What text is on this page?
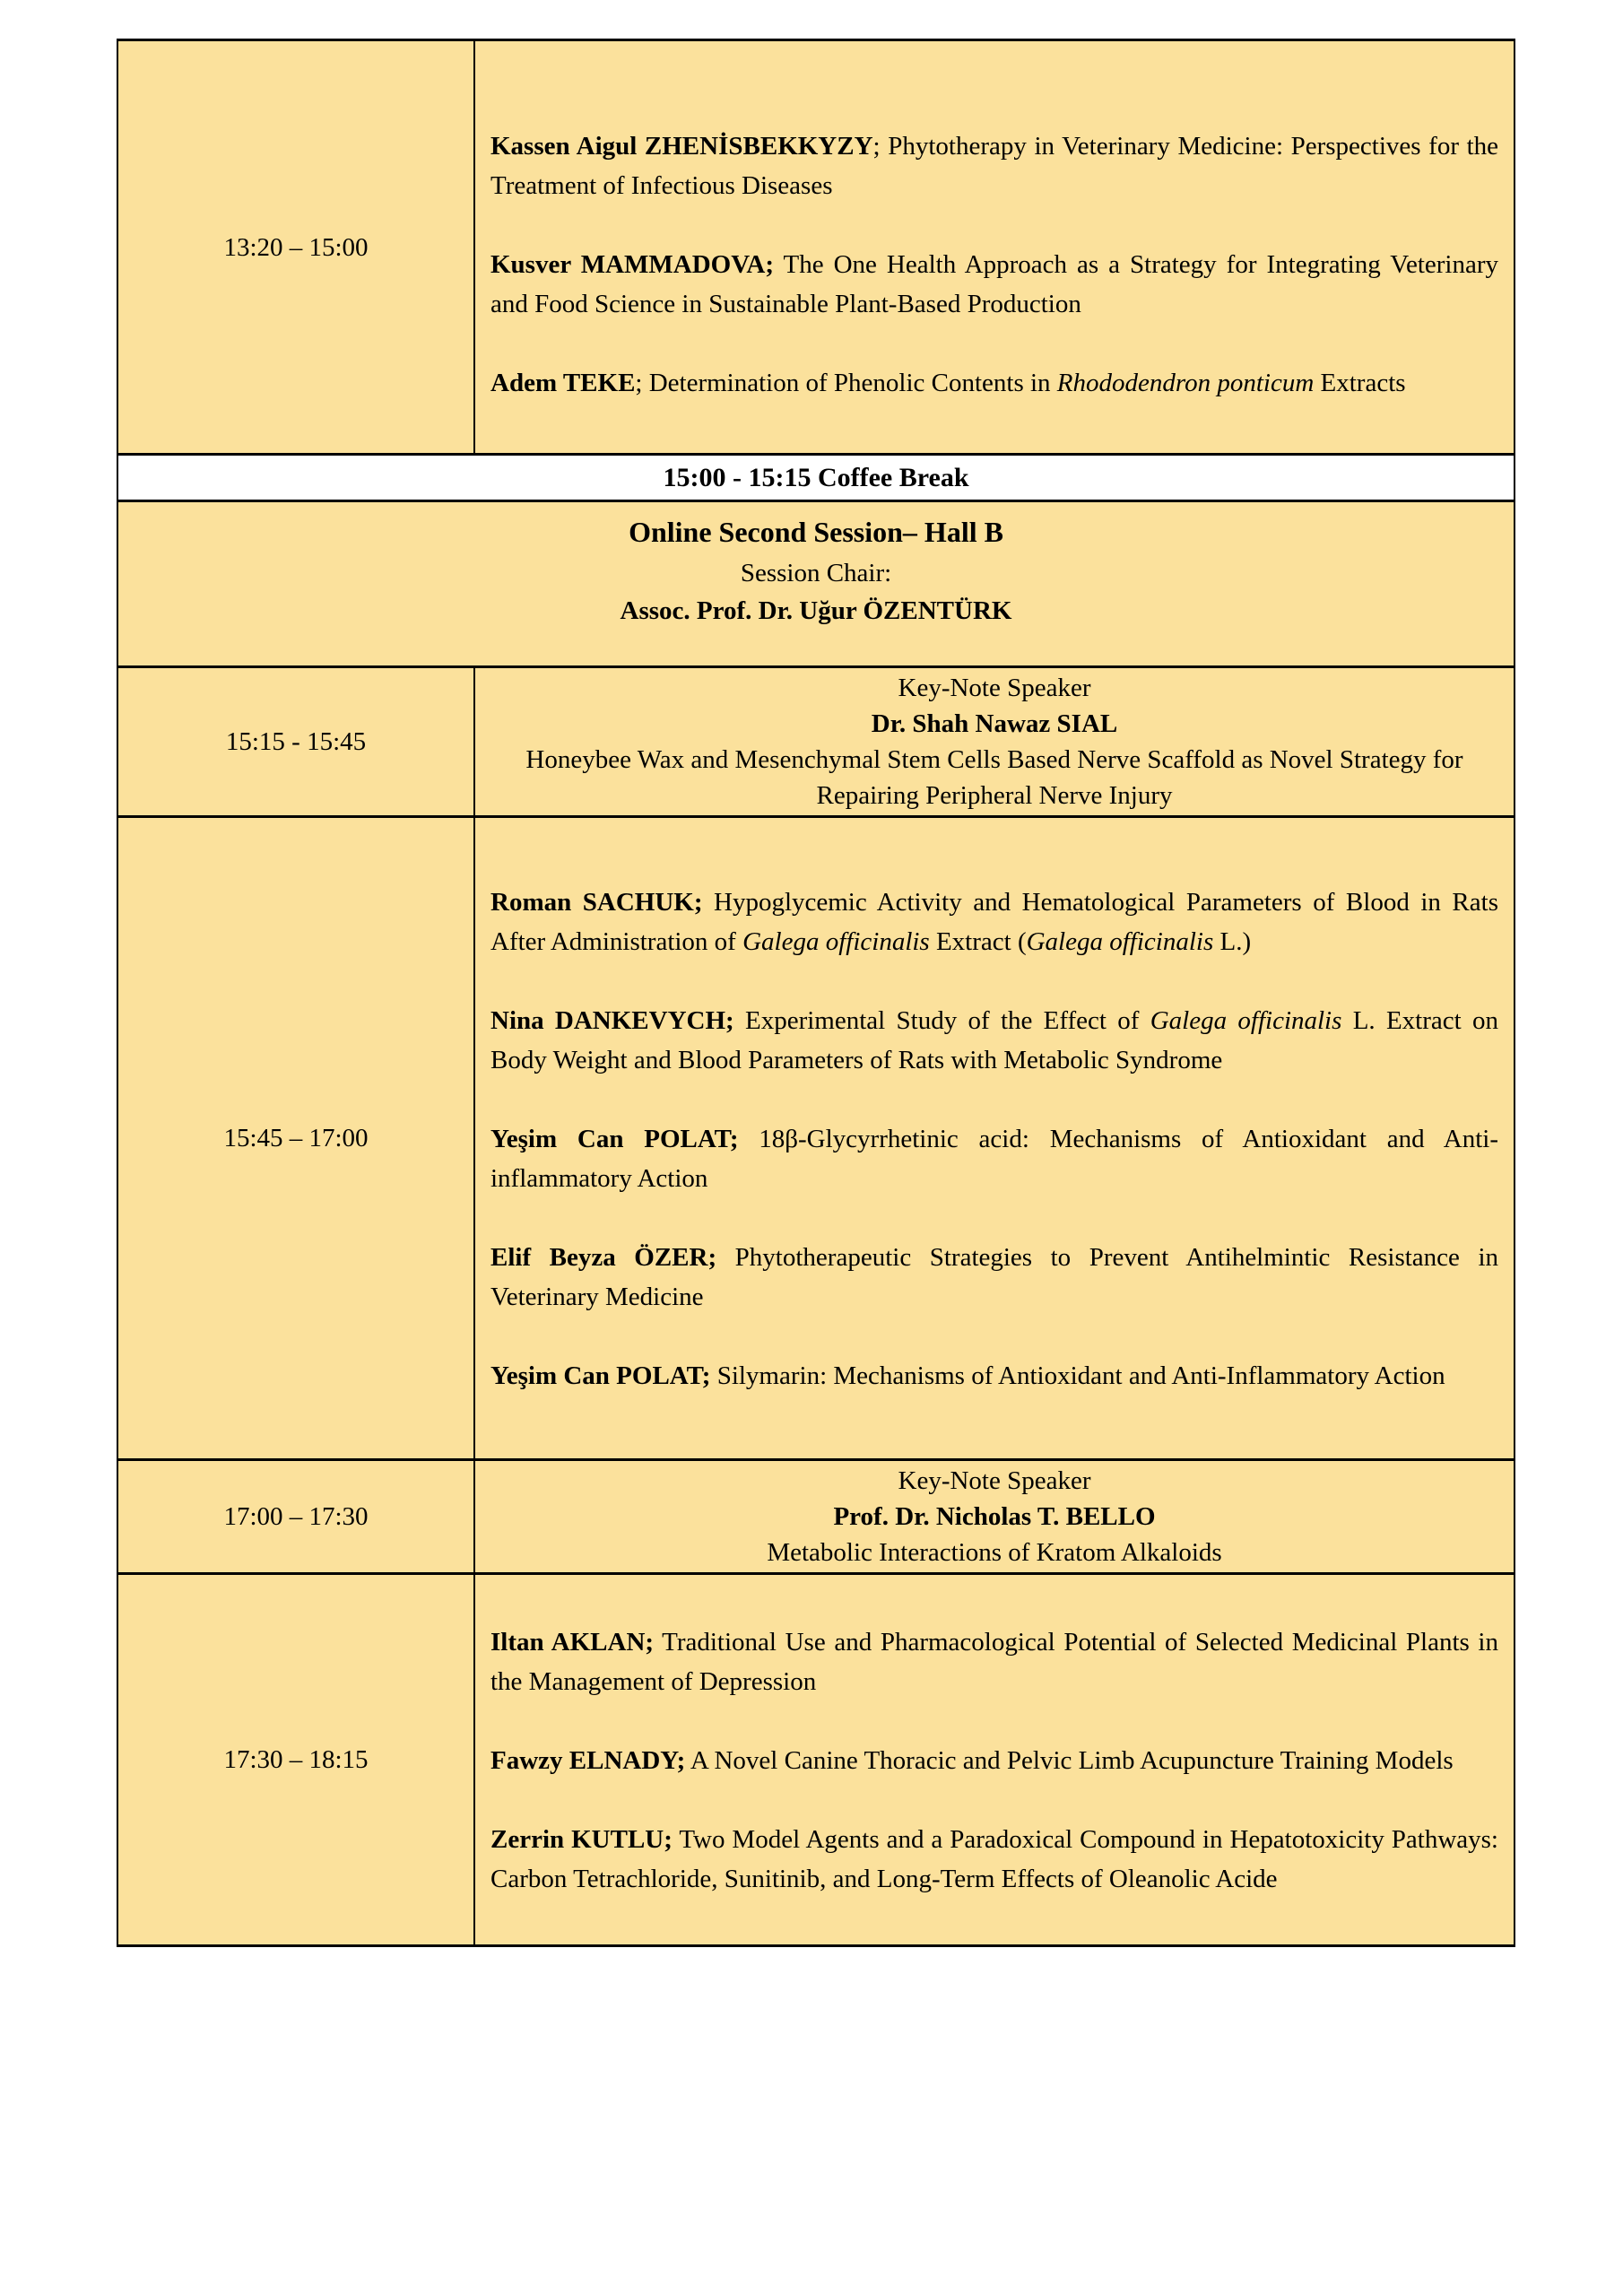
13:20 – 15:00	Kassen Aigul ZHENİSBEKKYZY; Phytotherapy in Veterinary Medicine: Perspectives for the Treatment of Infectious Diseases

Kusver MAMMADOVA; The One Health Approach as a Strategy for Integrating Veterinary and Food Science in Sustainable Plant-Based Production

Adem TEKE; Determination of Phenolic Contents in Rhododendron ponticum Extracts

15:00 - 15:15 Coffee Break	

Online Second Session– Hall B

Session Chair:

Assoc. Prof. Dr. Uğur ÖZENTÜRK	

15:15 - 15:45	Key-Note Speaker

Dr. Shah Nawaz SIAL

Honeybee Wax and Mesenchymal Stem Cells Based Nerve Scaffold as Novel Strategy for Repairing Peripheral Nerve Injury

15:45 – 17:00	Roman SACHUK; Hypoglycemic Activity and Hematological Parameters of Blood in Rats After Administration of Galega officinalis Extract (Galega officinalis L.)

Nina DANKEVYCH; Experimental Study of the Effect of Galega officinalis L. Extract on Body Weight and Blood Parameters of Rats with Metabolic Syndrome

Yeşim Can POLAT; 18β-Glycyrrhetinic acid: Mechanisms of Antioxidant and Anti-inflammatory Action

Elif Beyza ÖZER; Phytotherapeutic Strategies to Prevent Antihelmintic Resistance in Veterinary Medicine

Yeşim Can POLAT; Silymarin: Mechanisms of Antioxidant and Anti-Inflammatory Action

17:00 – 17:30	Key-Note Speaker

Prof. Dr. Nicholas T. BELLO

Metabolic Interactions of Kratom Alkaloids

17:30 – 18:15	Iltan AKLAN; Traditional Use and Pharmacological Potential of Selected Medicinal Plants in the Management of Depression

Fawzy ELNADY; A Novel Canine Thoracic and Pelvic Limb Acupuncture Training Models

Zerrin KUTLU; Two Model Agents and a Paradoxical Compound in Hepatotoxicity Pathways: Carbon Tetrachloride, Sunitinib, and Long-Term Effects of Oleanolic Acide
